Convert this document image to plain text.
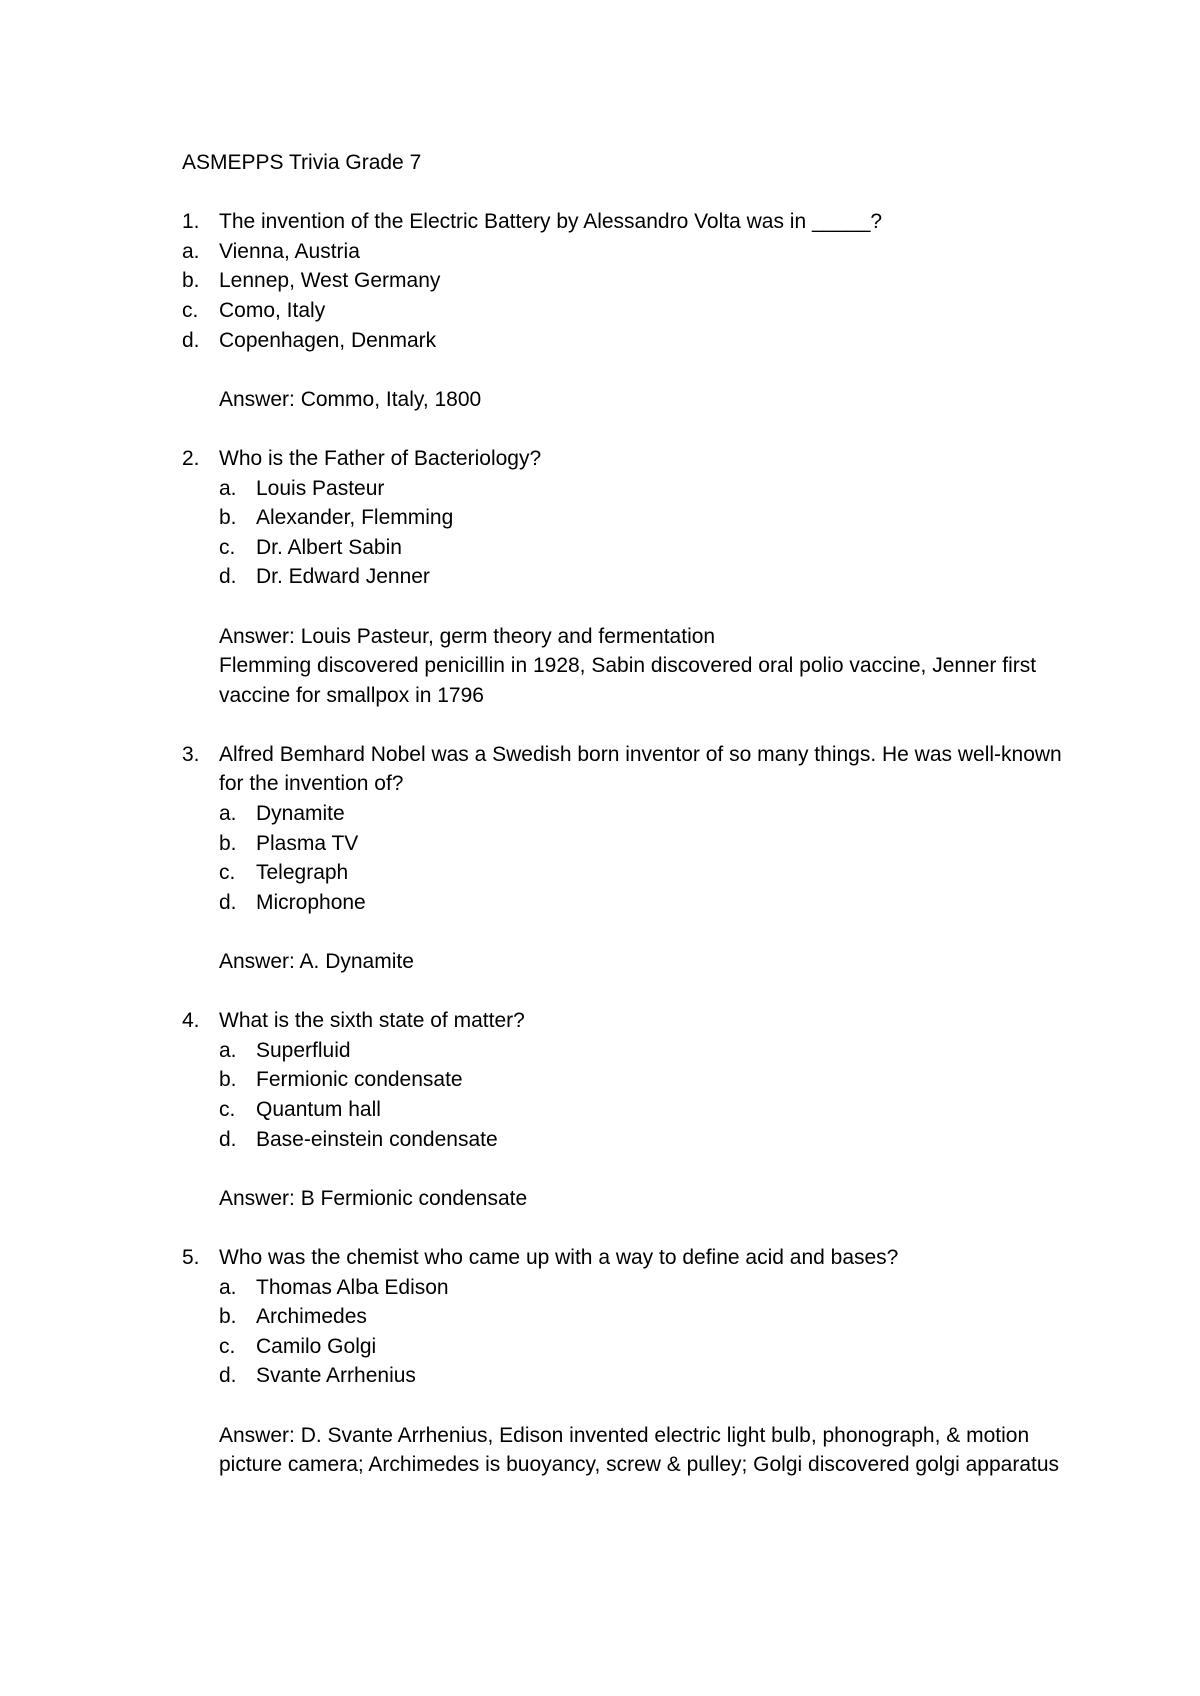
ASMEPPS Trivia Grade 7
1. The invention of the Electric Battery by Alessandro Volta was in _____?
a. Vienna, Austria
b. Lennep, West Germany
c. Como, Italy
d. Copenhagen, Denmark

Answer: Commo, Italy, 1800

2. Who is the Father of Bacteriology?
a. Louis Pasteur
b. Alexander, Flemming
c. Dr. Albert Sabin
d. Dr. Edward Jenner

Answer: Louis Pasteur, germ theory and fermentation

Flemming discovered penicillin in 1928, Sabin discovered oral polio vaccine, Jenner first vaccine for smallpox in 1796

3. Alfred Bemhard Nobel was a Swedish born inventor of so many things. He was well-known for the invention of?
a. Dynamite
b. Plasma TV
c. Telegraph
d. Microphone

Answer: A. Dynamite

4. What is the sixth state of matter?
a. Superfluid
b. Fermionic condensate
c. Quantum hall
d. Base-einstein condensate

Answer: B Fermionic condensate

5. Who was the chemist who came up with a way to define acid and bases?
a. Thomas Alba Edison
b. Archimedes
c. Camilo Golgi
d. Svante Arrhenius

Answer: D. Svante Arrhenius, Edison invented electric light bulb, phonograph, & motion picture camera; Archimedes is buoyancy, screw & pulley; Golgi discovered golgi apparatus
